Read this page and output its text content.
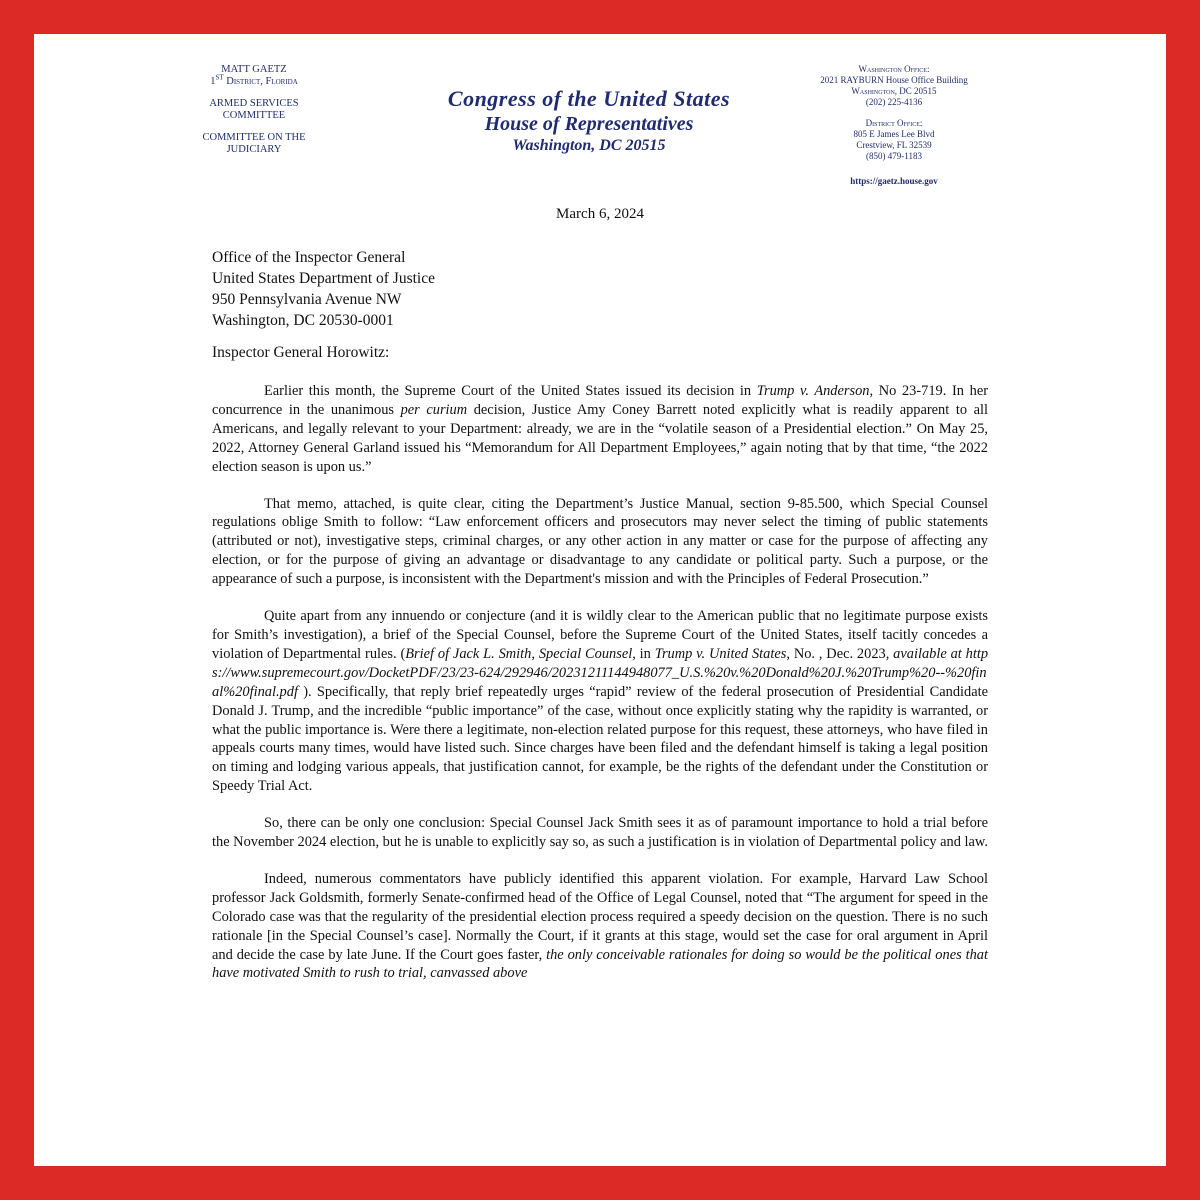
MATT GAETZ
1ST District, Florida
ARMED SERVICES
COMMITTEE
COMMITTEE ON THE
JUDICIARY
Congress of the United States
House of Representatives
Washington, DC 20515
Washington Office:
2021 RAYBURN House Office Building
Washington, DC 20515
(202) 225-4136
District Office:
805 E James Lee Blvd
Crestview, FL 32539
(850) 479-1183
https://gaetz.house.gov
March 6, 2024
Office of the Inspector General
United States Department of Justice
950 Pennsylvania Avenue NW
Washington, DC 20530-0001
Inspector General Horowitz:

Earlier this month, the Supreme Court of the United States issued its decision in Trump v. Anderson, No 23-719. In her concurrence in the unanimous per curium decision, Justice Amy Coney Barrett noted explicitly what is readily apparent to all Americans, and legally relevant to your Department: already, we are in the “volatile season of a Presidential election.” On May 25, 2022, Attorney General Garland issued his “Memorandum for All Department Employees,” again noting that by that time, “the 2022 election season is upon us.”

That memo, attached, is quite clear, citing the Department’s Justice Manual, section 9-85.500, which Special Counsel regulations oblige Smith to follow: “Law enforcement officers and prosecutors may never select the timing of public statements (attributed or not), investigative steps, criminal charges, or any other action in any matter or case for the purpose of affecting any election, or for the purpose of giving an advantage or disadvantage to any candidate or political party. Such a purpose, or the appearance of such a purpose, is inconsistent with the Department's mission and with the Principles of Federal Prosecution.”

Quite apart from any innuendo or conjecture (and it is wildly clear to the American public that no legitimate purpose exists for Smith’s investigation), a brief of the Special Counsel, before the Supreme Court of the United States, itself tacitly concedes a violation of Departmental rules. (Brief of Jack L. Smith, Special Counsel, in Trump v. United States, No. , Dec. 2023, available at https://www.supremecourt.gov/DocketPDF/23/23-624/292946/20231211144948077_U.S.%20v.%20Donald%20J.%20Trump%20--%20final%20final.pdf ). Specifically, that reply brief repeatedly urges “rapid” review of the federal prosecution of Presidential Candidate Donald J. Trump, and the incredible “public importance” of the case, without once explicitly stating why the rapidity is warranted, or what the public importance is. Were there a legitimate, non-election related purpose for this request, these attorneys, who have filed in appeals courts many times, would have listed such. Since charges have been filed and the defendant himself is taking a legal position on timing and lodging various appeals, that justification cannot, for example, be the rights of the defendant under the Constitution or Speedy Trial Act.

So, there can be only one conclusion: Special Counsel Jack Smith sees it as of paramount importance to hold a trial before the November 2024 election, but he is unable to explicitly say so, as such a justification is in violation of Departmental policy and law.

Indeed, numerous commentators have publicly identified this apparent violation. For example, Harvard Law School professor Jack Goldsmith, formerly Senate-confirmed head of the Office of Legal Counsel, noted that “The argument for speed in the Colorado case was that the regularity of the presidential election process required a speedy decision on the question. There is no such rationale [in the Special Counsel’s case]. Normally the Court, if it grants at this stage, would set the case for oral argument in April and decide the case by late June. If the Court goes faster, the only conceivable rationales for doing so would be the political ones that have motivated Smith to rush to trial, canvassed above
